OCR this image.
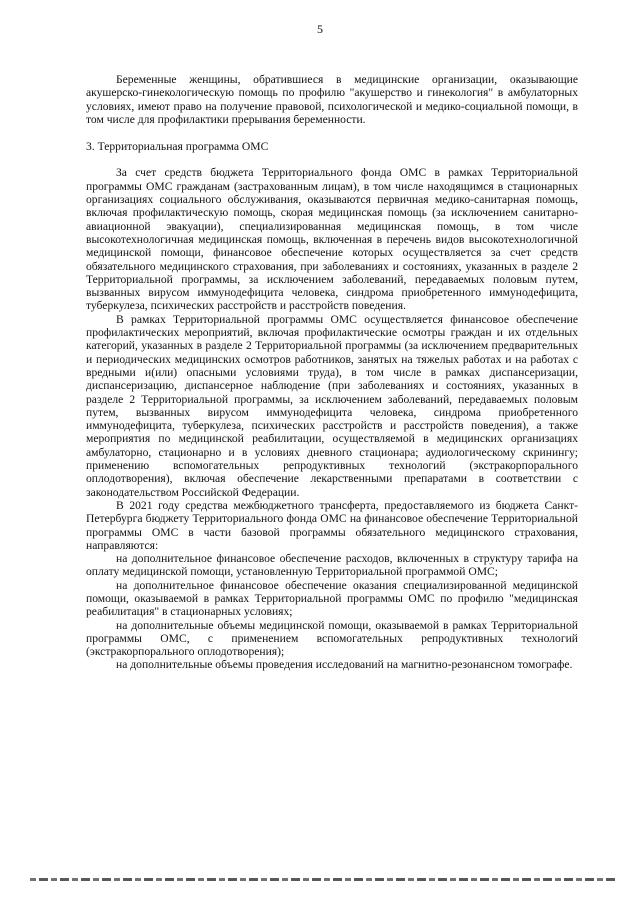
5

Беременные женщины, обратившиеся в медицинские организации, оказывающие акушерско-гинекологическую помощь по профилю "акушерство и гинекология" в амбулаторных условиях, имеют право на получение правовой, психологической и медико-социальной помощи, в том числе для профилактики прерывания беременности.

3. Территориальная программа ОМС

За счет средств бюджета Территориального фонда ОМС в рамках Территориальной программы ОМС гражданам (застрахованным лицам), в том числе находящимся в стационарных организациях социального обслуживания, оказываются первичная медико-санитарная помощь, включая профилактическую помощь, скорая медицинская помощь (за исключением санитарно-авиационной эвакуации), специализированная медицинская помощь, в том числе высокотехнологичная медицинская помощь, включенная в перечень видов высокотехнологичной медицинской помощи, финансовое обеспечение которых осуществляется за счет средств обязательного медицинского страхования, при заболеваниях и состояниях, указанных в разделе 2 Территориальной программы, за исключением заболеваний, передаваемых половым путем, вызванных вирусом иммунодефицита человека, синдрома приобретенного иммунодефицита, туберкулеза, психических расстройств и расстройств поведения.

В рамках Территориальной программы ОМС осуществляется финансовое обеспечение профилактических мероприятий, включая профилактические осмотры граждан и их отдельных категорий, указанных в разделе 2 Территориальной программы (за исключением предварительных и периодических медицинских осмотров работников, занятых на тяжелых работах и на работах с вредными и(или) опасными условиями труда), в том числе в рамках диспансеризации, диспансеризацию, диспансерное наблюдение (при заболеваниях и состояниях, указанных в разделе 2 Территориальной программы, за исключением заболеваний, передаваемых половым путем, вызванных вирусом иммунодефицита человека, синдрома приобретенного иммунодефицита, туберкулеза, психических расстройств и расстройств поведения), а также мероприятия по медицинской реабилитации, осуществляемой в медицинских организациях амбулаторно, стационарно и в условиях дневного стационара; аудиологическому скринингу; применению вспомогательных репродуктивных технологий (экстракорпорального оплодотворения), включая обеспечение лекарственными препаратами в соответствии с законодательством Российской Федерации.

В 2021 году средства межбюджетного трансферта, предоставляемого из бюджета Санкт-Петербурга бюджету Территориального фонда ОМС на финансовое обеспечение Территориальной программы ОМС в части базовой программы обязательного медицинского страхования, направляются:

на дополнительное финансовое обеспечение расходов, включенных в структуру тарифа на оплату медицинской помощи, установленную Территориальной программой ОМС;

на дополнительное финансовое обеспечение оказания специализированной медицинской помощи, оказываемой в рамках Территориальной программы ОМС по профилю "медицинская реабилитация" в стационарных условиях;

на дополнительные объемы медицинской помощи, оказываемой в рамках Территориальной программы ОМС, с применением вспомогательных репродуктивных технологий (экстракорпорального оплодотворения);

на дополнительные объемы проведения исследований на магнитно-резонансном томографе.
